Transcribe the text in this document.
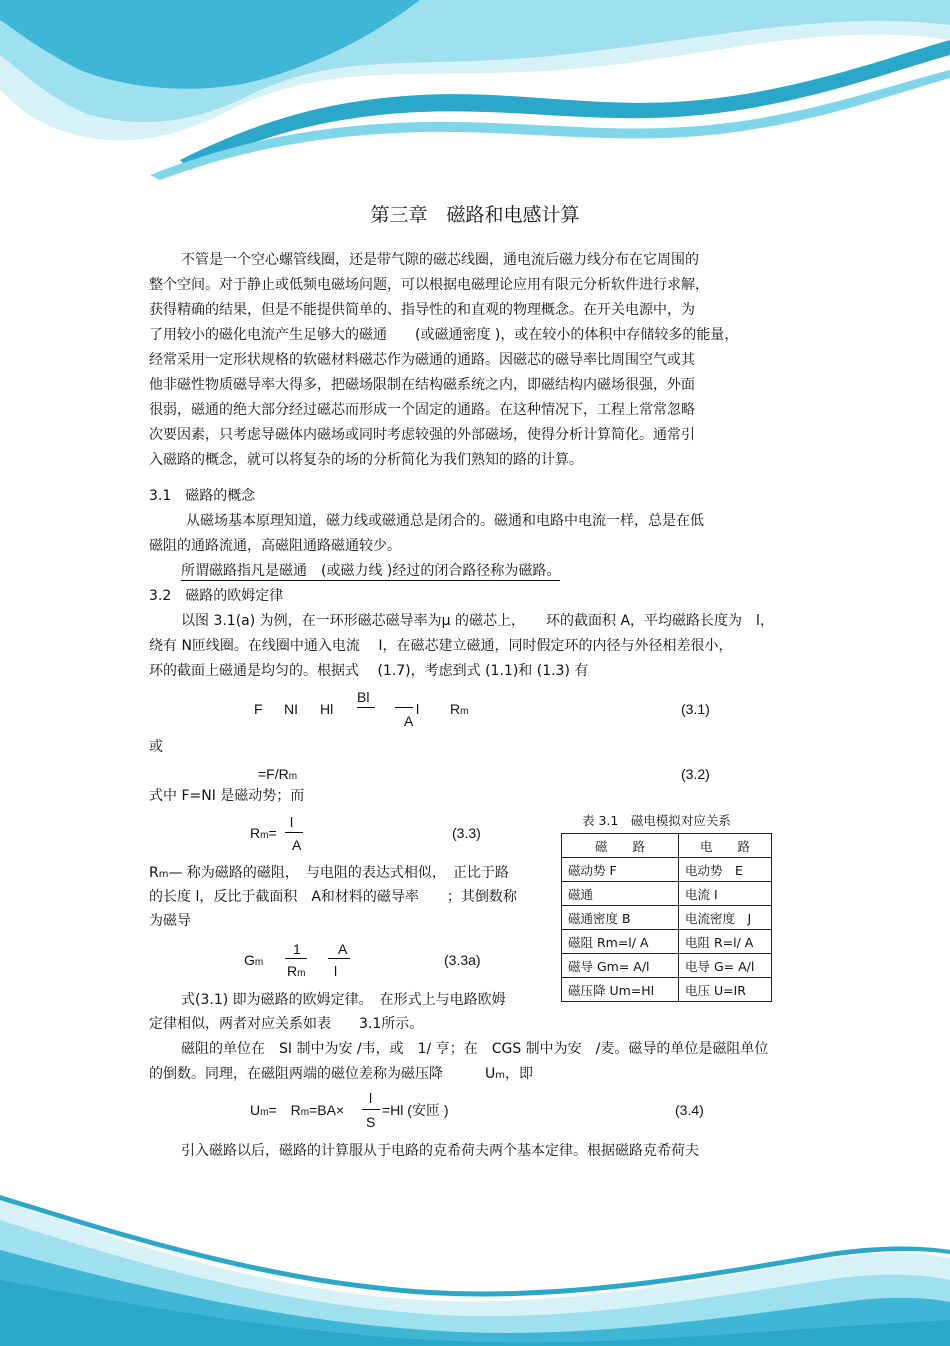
第三章　磁路和电感计算
不管是一个空心螺管线圈，还是带气隙的磁芯线圈，通电流后磁力线分布在它周围的
整个空间。对于静止或低频电磁场问题，可以根据电磁理论应用有限元分析软件进行求解，
获得精确的结果，但是不能提供简单的、指导性的和直观的物理概念。在开关电源中，为
了用较小的磁化电流产生足够大的磁通　　(或磁通密度 )，或在较小的体积中存储较多的能量，
经常采用一定形状规格的软磁材料磁芯作为磁通的通路。因磁芯的磁导率比周围空气或其
他非磁性物质磁导率大得多，把磁场限制在结构磁系统之内，即磁结构内磁场很强，外面
很弱，磁通的绝大部分经过磁芯而形成一个固定的通路。在这种情况下，工程上常常忽略
次要因素，只考虑导磁体内磁场或同时考虑较强的外部磁场，使得分析计算简化。通常引
入磁路的概念，就可以将复杂的场的分析简化为我们熟知的路的计算。
3.1　磁路的概念
从磁场基本原理知道，磁力线或磁通总是闭合的。磁通和电路中电流一样，总是在低
磁阻的通路流通，高磁阻通路磁通较少。
所谓磁路指凡是磁通　(或磁力线 )经过的闭合路径称为磁路。
3.2　磁路的欧姆定律
以图 3.1(a) 为例，在一环形磁芯磁导率为μ 的磁芯上，　　环的截面积 A，平均磁路长度为　l，
绕有 N匝线圈。在线圈中通入电流　 I，在磁芯建立磁通，同时假定环的内径与外径相差很小，
环的截面上磁通是均匀的。根据式　 (1.7)，考虑到式 (1.1)和 (1.3) 有
F NI Hl
Bl
l
A
Rm	(3.1)
或
=F/Rm	(3.2)
式中 F=NI 是磁动势；而
Rm=
l
A
(3.3)
Rm— 称为磁路的磁阻，　与电阻的表达式相似，　正比于路
的长度 l，反比于截面积　A和材料的磁导率　　；其倒数称
为磁导
Gm
1
Rm
A
l
(3.3a)
式(3.1) 即为磁路的欧姆定律。　在形式上与电路欧姆
定律相似，两者对应关系如表　　3.1所示。
表 3.1　磁电模拟对应关系
磁　　路	电　　路
磁动势 F	电动势　E
磁通	电流 I
磁通密度 B	电流密度　J
磁阻 Rm=l/ A	电阻 R=l/ A
磁导 Gm= A/l	电导 G= A/l
磁压降 Um=Hl	电压 U=IR
磁阻的单位在　SI 制中为安 /韦，或　1/ 亨；在　CGS 制中为安　/麦。磁导的单位是磁阻单位
的倒数。同理，在磁阻两端的磁位差称为磁压降　　　Um，即
Um=　Rm=BA×
l
S
=Hl (安匝 )	(3.4)
引入磁路以后，磁路的计算服从于电路的克希荷夫两个基本定律。根据磁路克希荷夫
